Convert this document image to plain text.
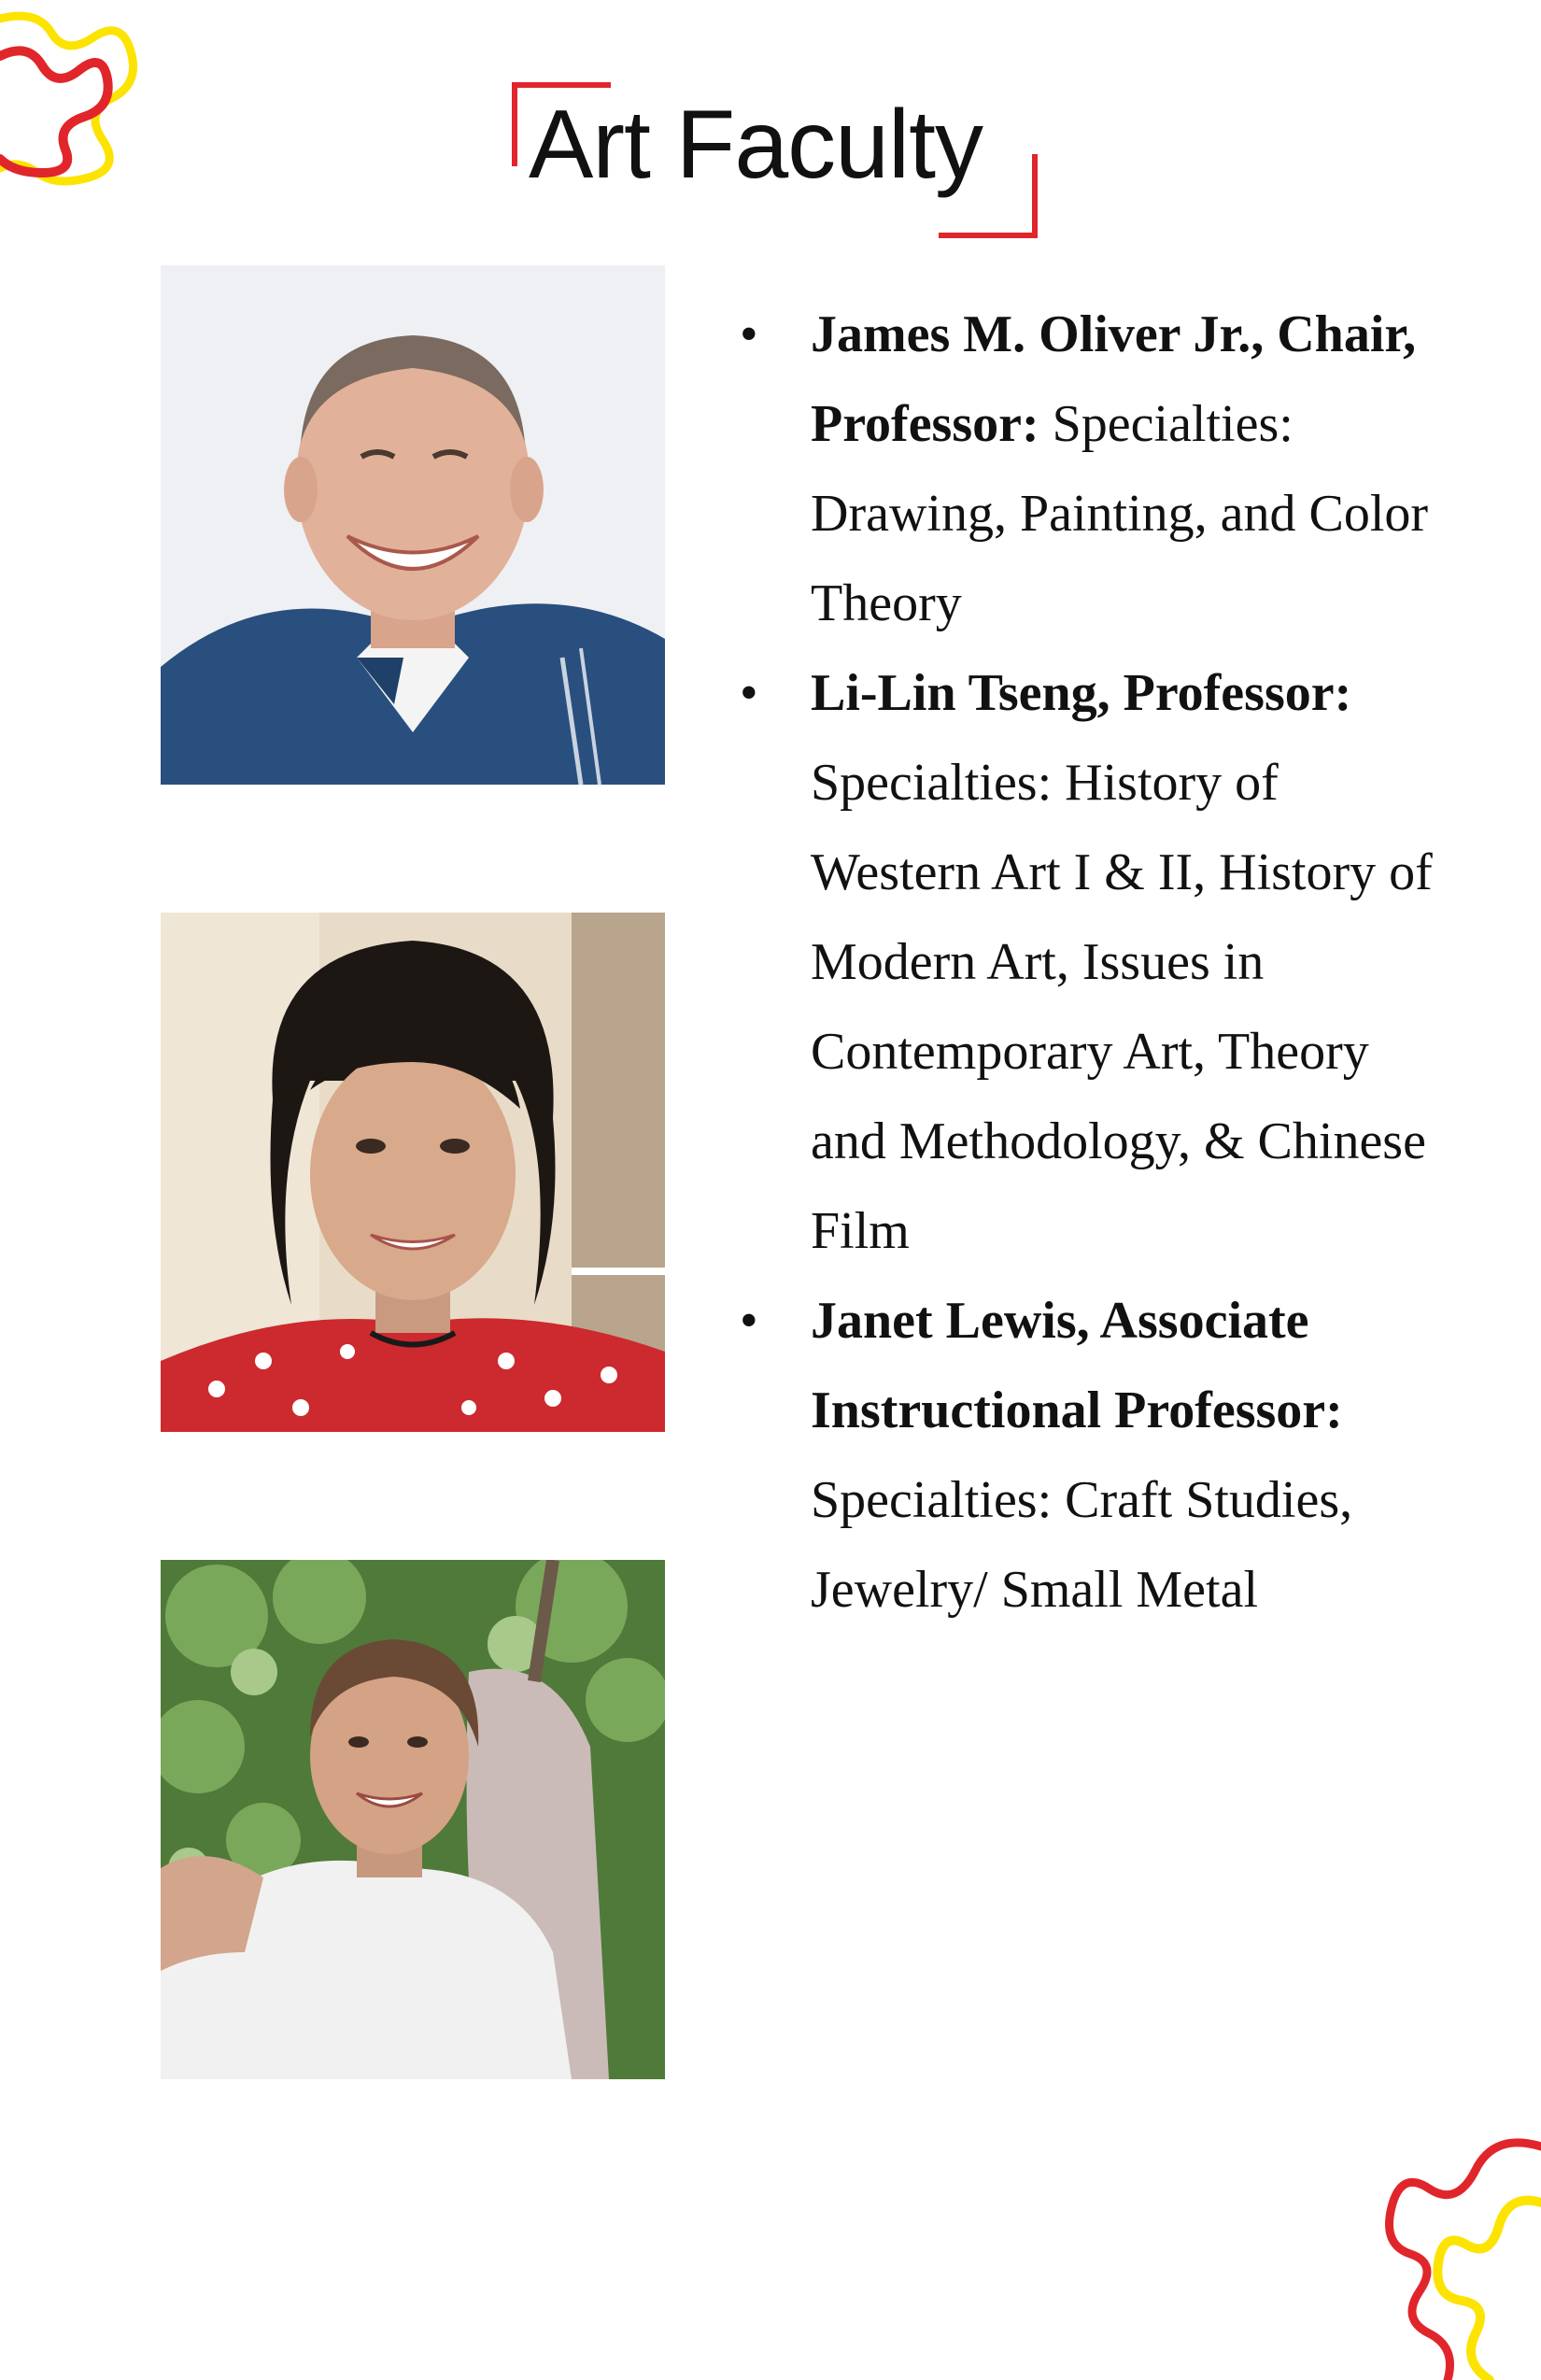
Art Faculty
• James M. Oliver Jr., Chair, Professor: Specialties: Drawing, Painting, and Color Theory
• Li-Lin Tseng, Professor: Specialties: History of Western Art I & II, History of Modern Art, Issues in Contemporary Art, Theory and Methodology, & Chinese Film
• Janet Lewis, Associate Instructional Professor: Specialties: Craft Studies, Jewelry/ Small Metal
